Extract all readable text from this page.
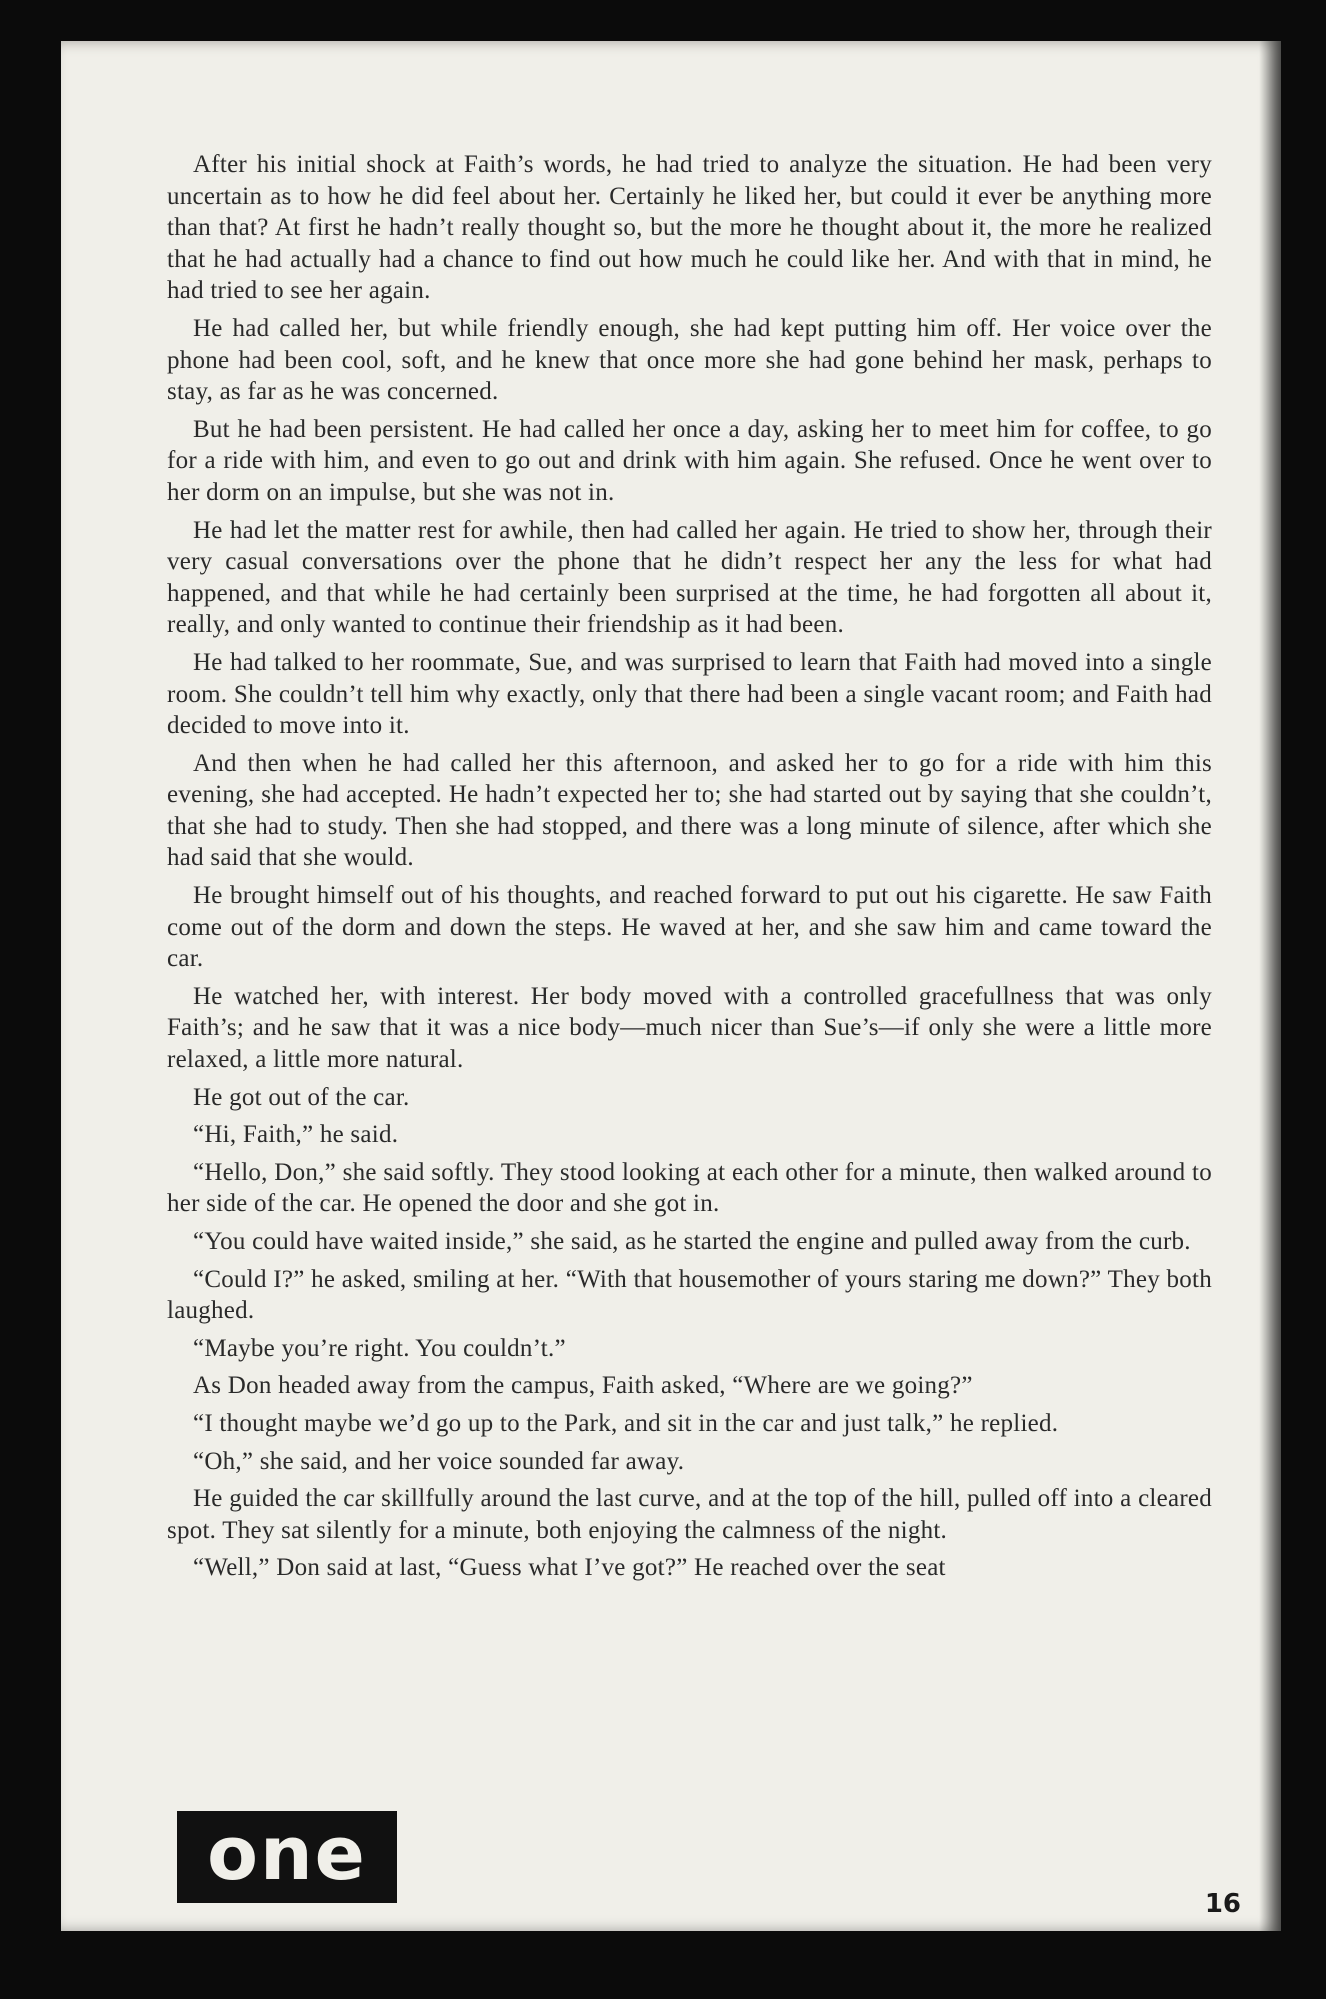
After his initial shock at Faith’s words, he had tried to analyze the situation. He had been very uncertain as to how he did feel about her. Certainly he liked her, but could it ever be anything more than that? At first he hadn’t really thought so, but the more he thought about it, the more he realized that he had actually had a chance to find out how much he could like her. And with that in mind, he had tried to see her again.

He had called her, but while friendly enough, she had kept putting him off. Her voice over the phone had been cool, soft, and he knew that once more she had gone behind her mask, perhaps to stay, as far as he was concerned.

But he had been persistent. He had called her once a day, asking her to meet him for coffee, to go for a ride with him, and even to go out and drink with him again. She refused. Once he went over to her dorm on an impulse, but she was not in.

He had let the matter rest for awhile, then had called her again. He tried to show her, through their very casual conversations over the phone that he didn’t respect her any the less for what had happened, and that while he had certainly been surprised at the time, he had forgotten all about it, really, and only wanted to continue their friendship as it had been.

He had talked to her roommate, Sue, and was surprised to learn that Faith had moved into a single room. She couldn’t tell him why exactly, only that there had been a single vacant room; and Faith had decided to move into it.

And then when he had called her this afternoon, and asked her to go for a ride with him this evening, she had accepted. He hadn’t expected her to; she had started out by saying that she couldn’t, that she had to study. Then she had stopped, and there was a long minute of silence, after which she had said that she would.

He brought himself out of his thoughts, and reached forward to put out his cigarette. He saw Faith come out of the dorm and down the steps. He waved at her, and she saw him and came toward the car.

He watched her, with interest. Her body moved with a controlled gracefullness that was only Faith’s; and he saw that it was a nice body—much nicer than Sue’s—if only she were a little more relaxed, a little more natural.

He got out of the car.

“Hi, Faith,” he said.

“Hello, Don,” she said softly. They stood looking at each other for a minute, then walked around to her side of the car. He opened the door and she got in.

“You could have waited inside,” she said, as he started the engine and pulled away from the curb.

“Could I?” he asked, smiling at her. “With that housemother of yours staring me down?” They both laughed.

“Maybe you’re right. You couldn’t.”

As Don headed away from the campus, Faith asked, “Where are we going?”

“I thought maybe we’d go up to the Park, and sit in the car and just talk,” he replied.

“Oh,” she said, and her voice sounded far away.

He guided the car skillfully around the last curve, and at the top of the hill, pulled off into a cleared spot. They sat silently for a minute, both enjoying the calmness of the night.

“Well,” Don said at last, “Guess what I’ve got?” He reached over the seat

one
16
